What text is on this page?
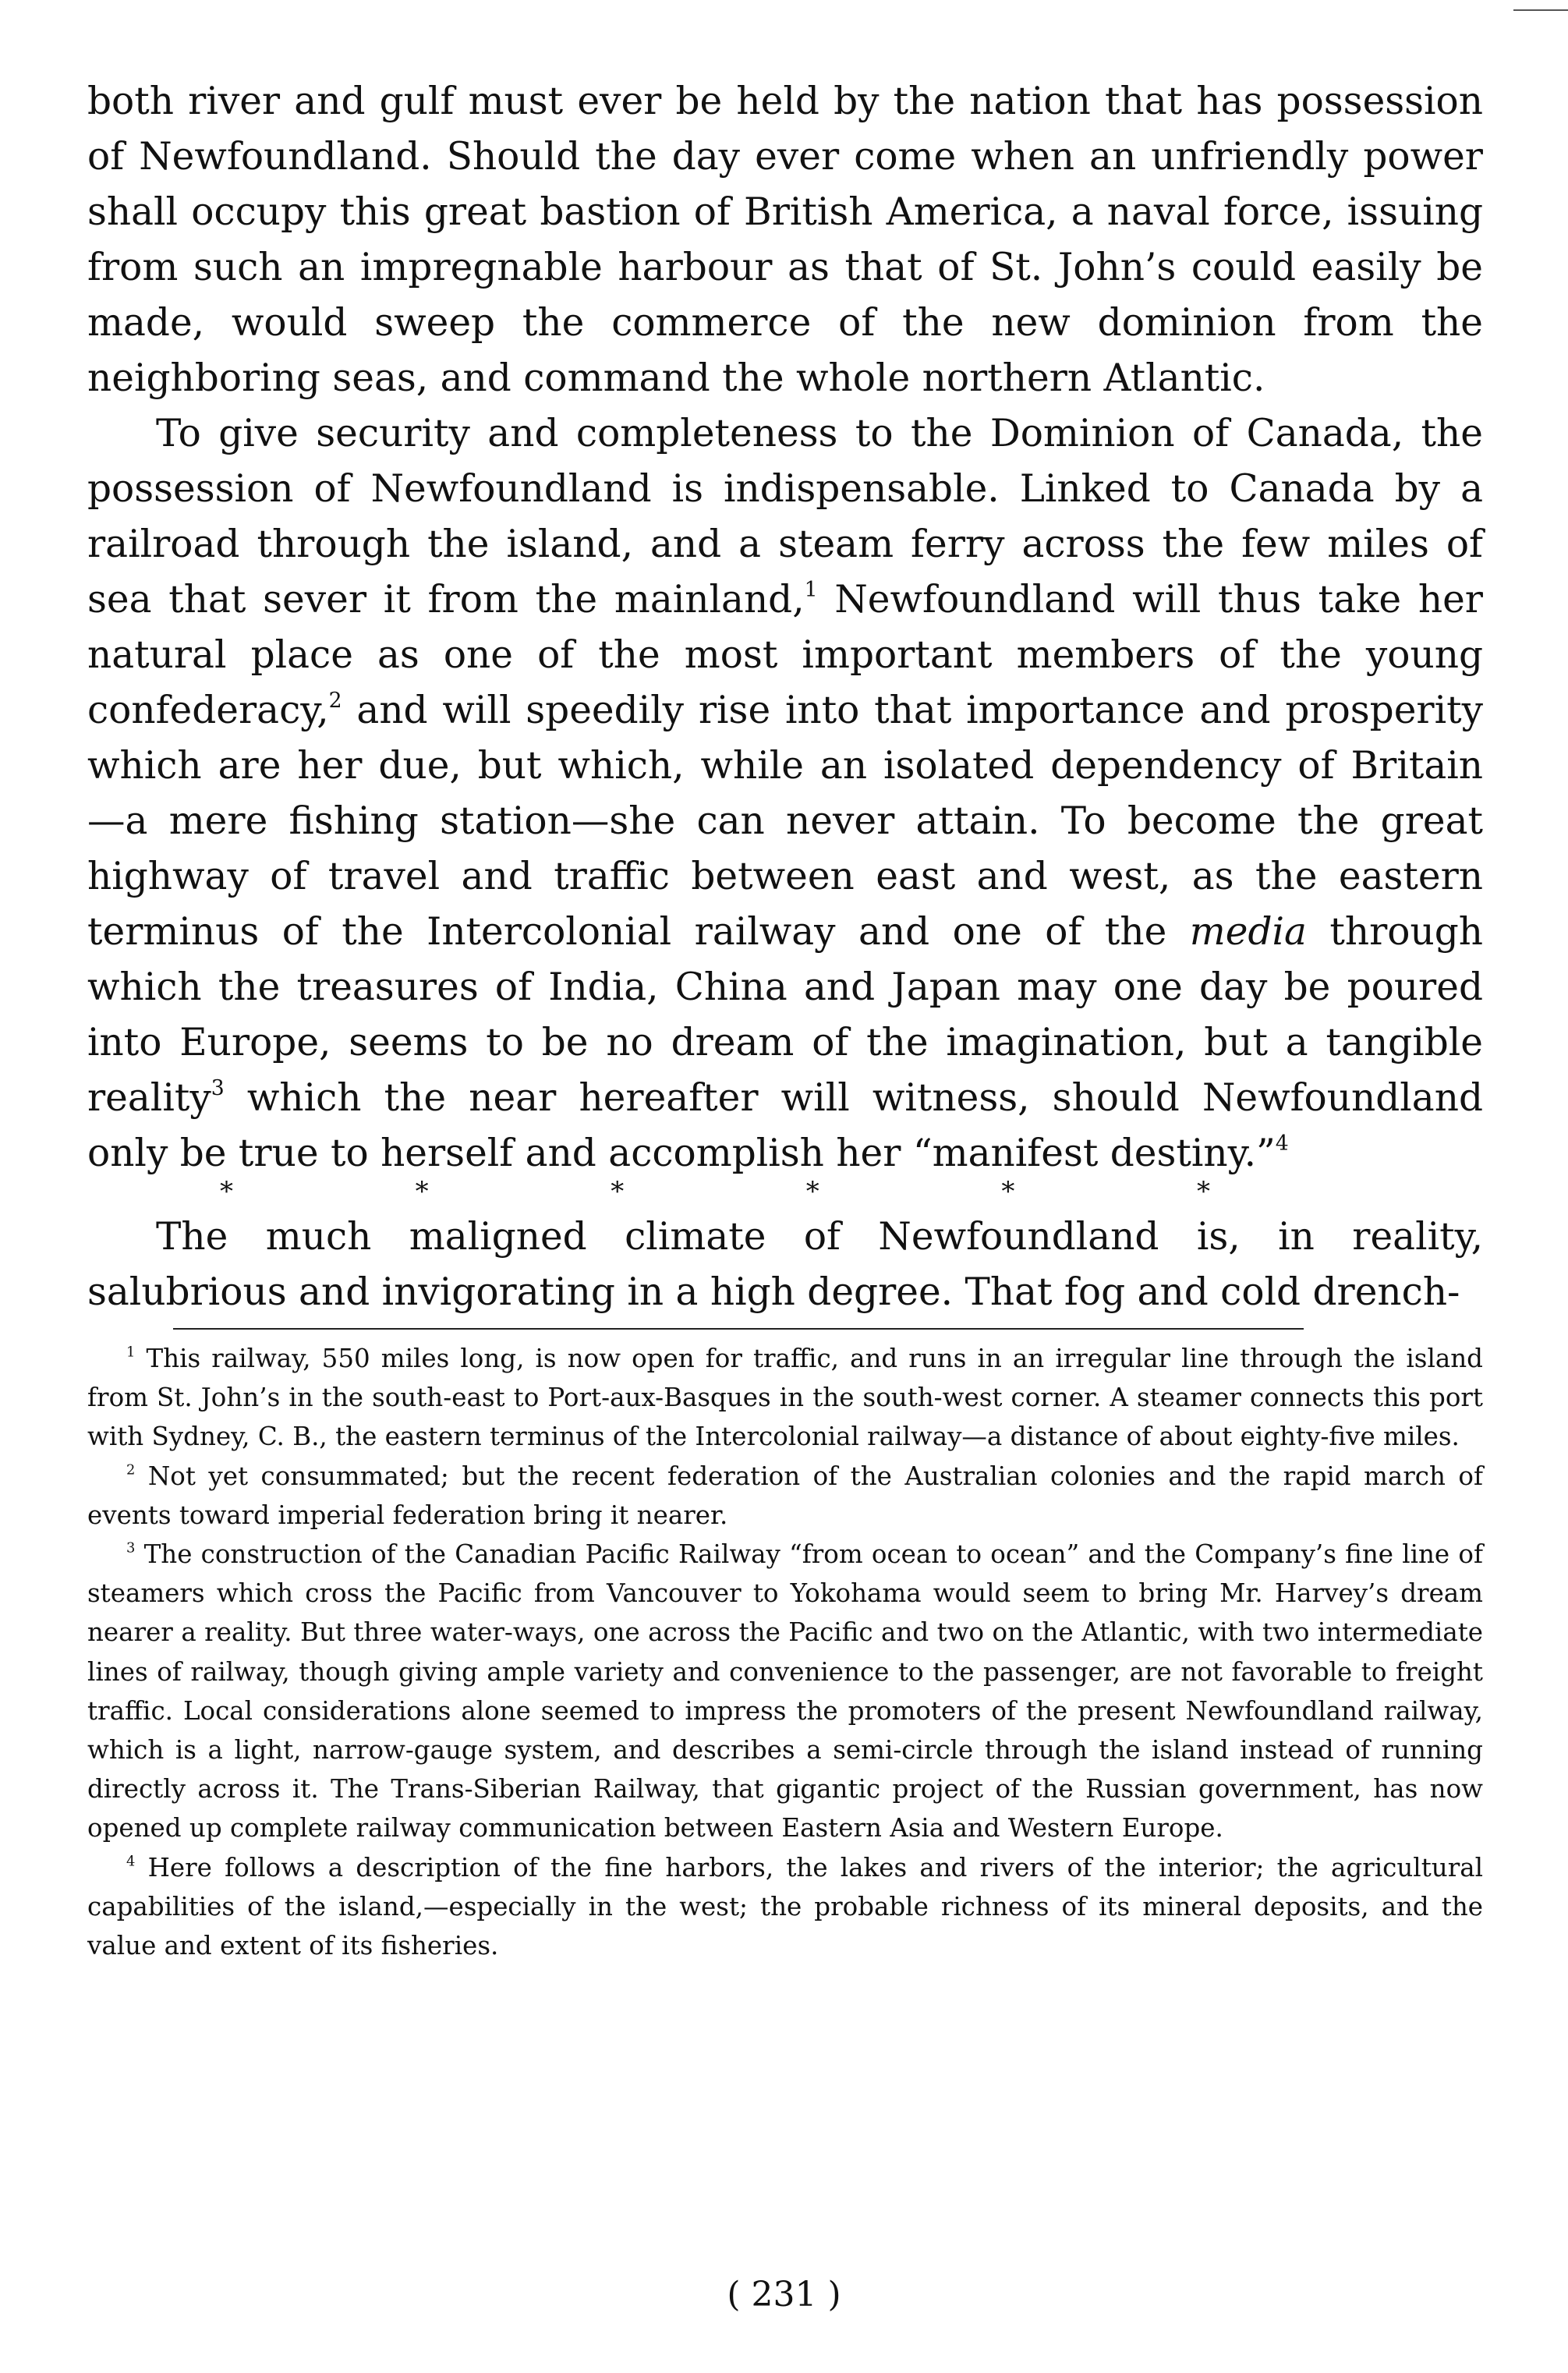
both river and gulf must ever be held by the nation that has possession of Newfoundland. Should the day ever come when an unfriendly power shall occupy this great bastion of British America, a naval force, issuing from such an impregnable harbour as that of St. John’s could easily be made, would sweep the commerce of the new dominion from the neighboring seas, and command the whole northern Atlantic.

To give security and completeness to the Dominion of Canada, the possession of Newfoundland is indispensable. Linked to Canada by a railroad through the island, and a steam ferry across the few miles of sea that sever it from the mainland,$^1$ Newfoundland will thus take her natural place as one of the most important members of the young confederacy,$^2$ and will speedily rise into that importance and prosperity which are her due, but which, while an isolated dependency of Britain —a mere fishing station—she can never attain. To become the great highway of travel and traffic between east and west, as the eastern terminus of the Intercolonial railway and one of the media through which the treasures of India, China and Japan may one day be poured into Europe, seems to be no dream of the imagination, but a tangible reality$^3$ which the near hereafter will witness, should Newfoundland only be true to herself and accomplish her “manifest destiny.”$^4$

*	*	*	*	*	*

The much maligned climate of Newfoundland is, in reality, salubrious and invigorating in a high degree. That fog and cold drench-

$^1$ This railway, 550 miles long, is now open for traffic, and runs in an irregular line through the island from St. John’s in the south-east to Port-aux-Basques in the south-west corner. A steamer connects this port with Sydney, C. B., the eastern terminus of the Intercolonial railway—a distance of about eighty-five miles.

$^2$ Not yet consummated; but the recent federation of the Australian colonies and the rapid march of events toward imperial federation bring it nearer.

$^3$ The construction of the Canadian Pacific Railway “from ocean to ocean” and the Company’s fine line of steamers which cross the Pacific from Vancouver to Yokohama would seem to bring Mr. Harvey’s dream nearer a reality. But three water-ways, one across the Pacific and two on the Atlantic, with two intermediate lines of railway, though giving ample variety and convenience to the passenger, are not favorable to freight traffic. Local considerations alone seemed to impress the promoters of the present Newfoundland railway, which is a light, narrow-gauge system, and describes a semi-circle through the island instead of running directly across it. The Trans-Siberian Railway, that gigantic project of the Russian government, has now opened up complete railway communication between Eastern Asia and Western Europe.

$^4$ Here follows a description of the fine harbors, the lakes and rivers of the interior; the agricultural capabilities of the island,—especially in the west; the probable richness of its mineral deposits, and the value and extent of its fisheries.

( 231 )
